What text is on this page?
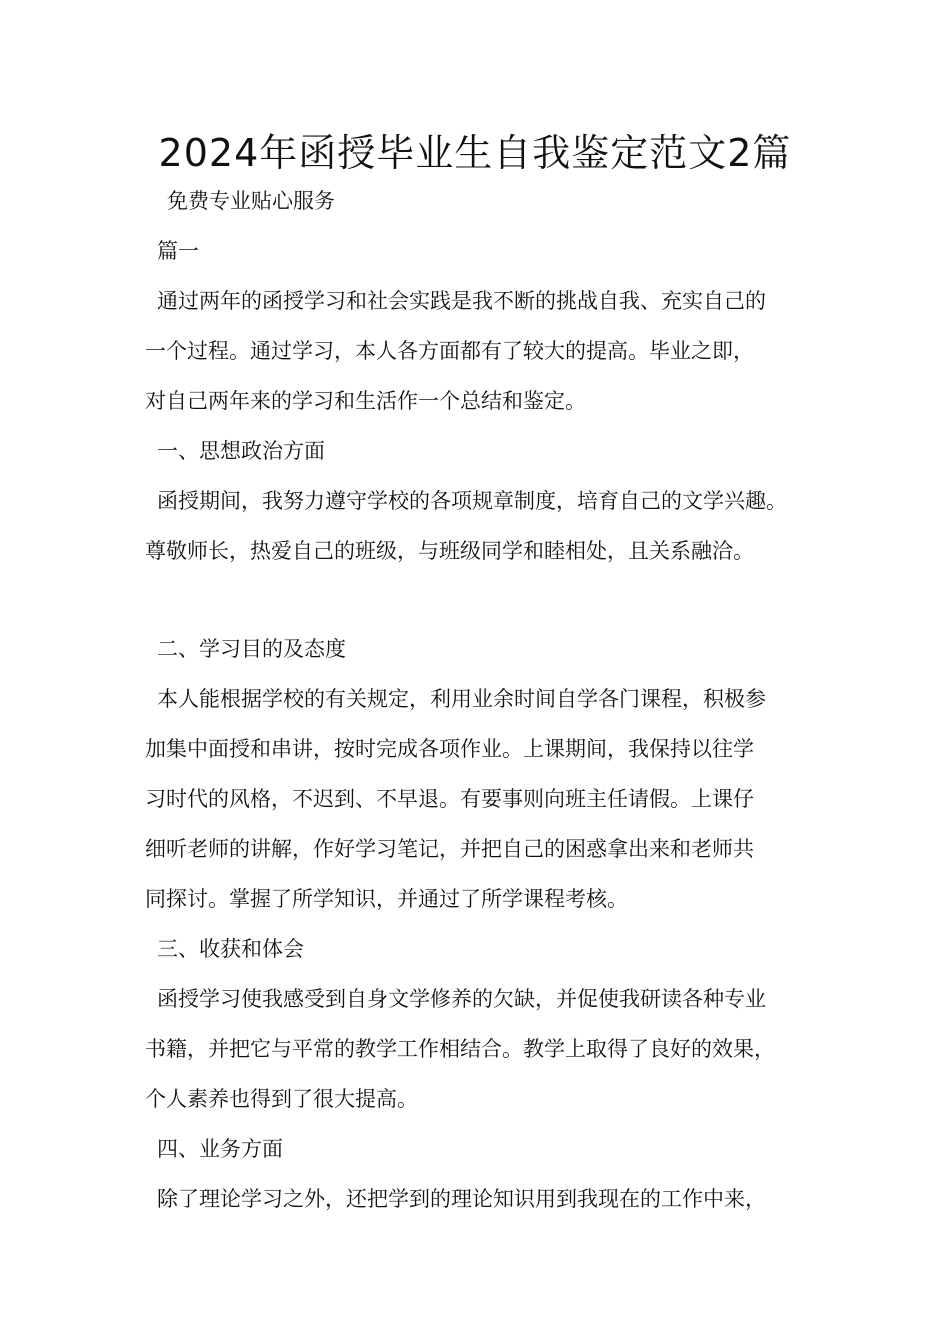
2024年函授毕业生自我鉴定范文2篇

免费专业贴心服务

篇一

通过两年的函授学习和社会实践是我不断的挑战自我、充实自己的

一个过程。通过学习，本人各方面都有了较大的提高。毕业之即，

对自己两年来的学习和生活作一个总结和鉴定。

一、思想政治方面

函授期间，我努力遵守学校的各项规章制度，培育自己的文学兴趣。

尊敬师长，热爱自己的班级，与班级同学和睦相处，且关系融洽。

二、学习目的及态度

本人能根据学校的有关规定，利用业余时间自学各门课程，积极参

加集中面授和串讲，按时完成各项作业。上课期间，我保持以往学

习时代的风格，不迟到、不早退。有要事则向班主任请假。上课仔

细听老师的讲解，作好学习笔记，并把自己的困惑拿出来和老师共

同探讨。掌握了所学知识，并通过了所学课程考核。

三、收获和体会

函授学习使我感受到自身文学修养的欠缺，并促使我研读各种专业

书籍，并把它与平常的教学工作相结合。教学上取得了良好的效果，

个人素养也得到了很大提高。

四、业务方面

除了理论学习之外，还把学到的理论知识用到我现在的工作中来，
